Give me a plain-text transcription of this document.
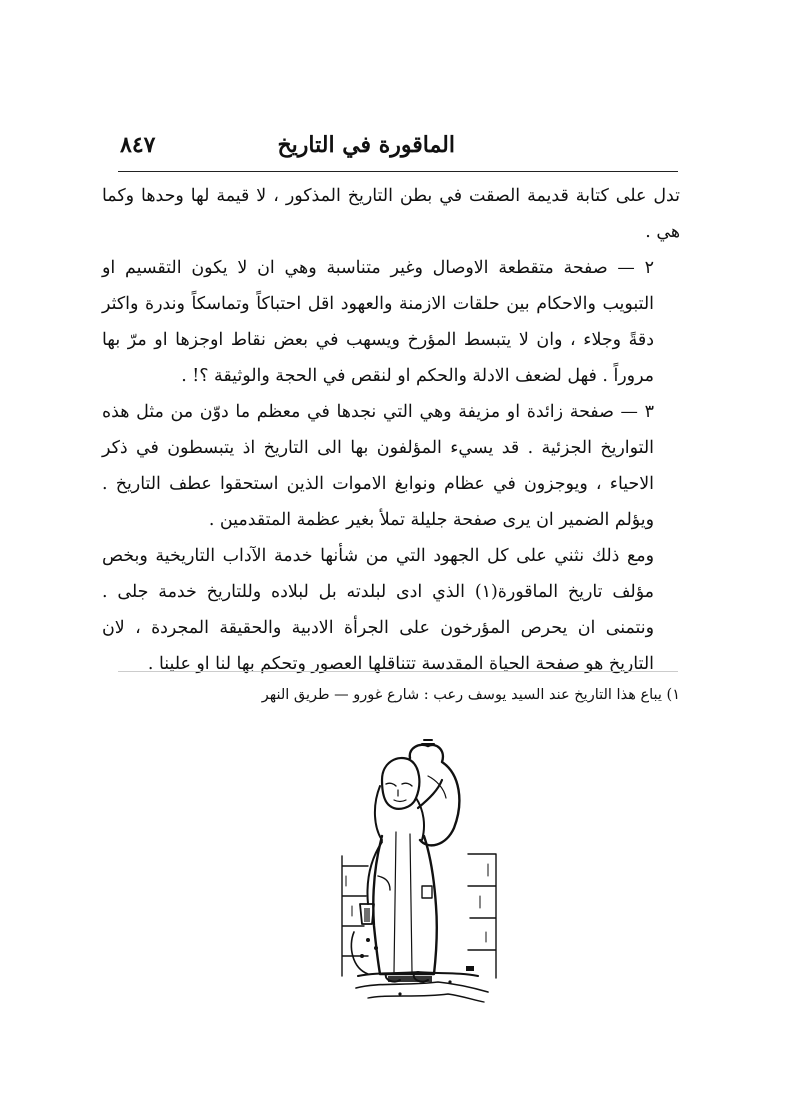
الماقورة في التاريخ
٨٤٧

تدل على كتابة قديمة الصقت في بطن التاريخ المذكور ، لا قيمة لها وحدها وكما هي .

٢ — صفحة متقطعة الاوصال وغير متناسبة وهي ان لا يكون التقسيم او التبويب والاحكام بين حلقات الازمنة والعهود اقل احتباكاً وتماسكاً وندرة واكثر دقةً وجلاء ، وان لا يتبسط المؤرخ ويسهب في بعض نقاط اوجزها او مرّ بها مروراً . فهل لضعف الادلة والحكم او لنقص في الحجة والوثيقة ؟! .

٣ — صفحة زائدة او مزيفة وهي التي نجدها في معظم ما دوّن من مثل هذه التواريخ الجزئية . قد يسيء المؤلفون بها الى التاريخ اذ يتبسطون في ذكر الاحياء ، ويوجزون في عظام ونوابغ الاموات الذين استحقوا عطف التاريخ . ويؤلم الضمير ان يرى صفحة جليلة تملأ بغير عظمة المتقدمين .

ومع ذلك نثني على كل الجهود التي من شأنها خدمة الآداب التاريخية وبخص مؤلف تاريخ الماقورة(١) الذي ادى لبلدته بل لبلاده وللتاريخ خدمة جلى . ونتمنى ان يحرص المؤرخون على الجرأة الادبية والحقيقة المجردة ، لان التاريخ هو صفحة الحياة المقدسة تتناقلها العصور وتحكم بها لنا او علينا .

١) يباع هذا التاريخ عند السيد يوسف رعب : شارع غورو — طريق النهر
